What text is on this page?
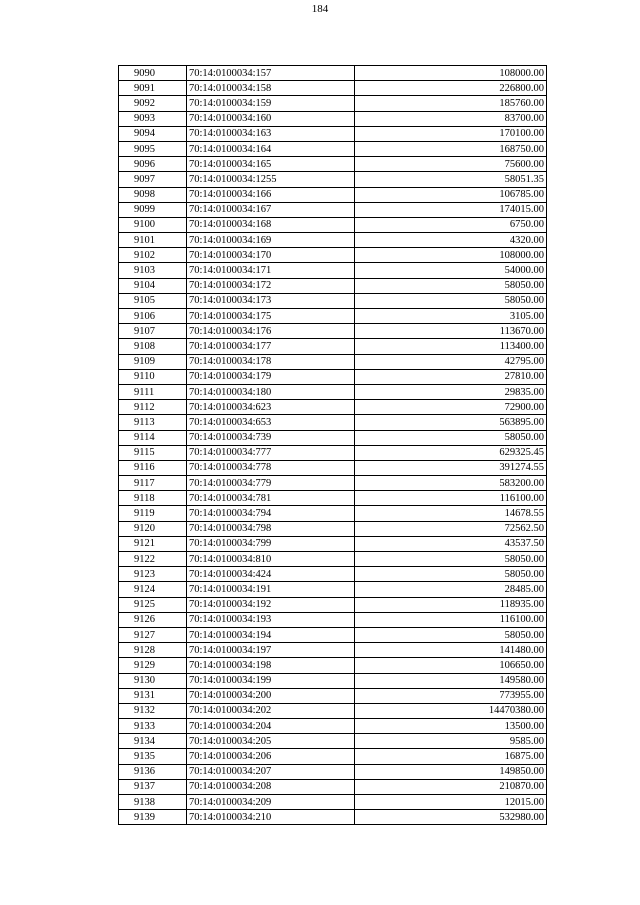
184
9090	70:14:0100034:157	108000.00
9091	70:14:0100034:158	226800.00
9092	70:14:0100034:159	185760.00
9093	70:14:0100034:160	83700.00
9094	70:14:0100034:163	170100.00
9095	70:14:0100034:164	168750.00
9096	70:14:0100034:165	75600.00
9097	70:14:0100034:1255	58051.35
9098	70:14:0100034:166	106785.00
9099	70:14:0100034:167	174015.00
9100	70:14:0100034:168	6750.00
9101	70:14:0100034:169	4320.00
9102	70:14:0100034:170	108000.00
9103	70:14:0100034:171	54000.00
9104	70:14:0100034:172	58050.00
9105	70:14:0100034:173	58050.00
9106	70:14:0100034:175	3105.00
9107	70:14:0100034:176	113670.00
9108	70:14:0100034:177	113400.00
9109	70:14:0100034:178	42795.00
9110	70:14:0100034:179	27810.00
9111	70:14:0100034:180	29835.00
9112	70:14:0100034:623	72900.00
9113	70:14:0100034:653	563895.00
9114	70:14:0100034:739	58050.00
9115	70:14:0100034:777	629325.45
9116	70:14:0100034:778	391274.55
9117	70:14:0100034:779	583200.00
9118	70:14:0100034:781	116100.00
9119	70:14:0100034:794	14678.55
9120	70:14:0100034:798	72562.50
9121	70:14:0100034:799	43537.50
9122	70:14:0100034:810	58050.00
9123	70:14:0100034:424	58050.00
9124	70:14:0100034:191	28485.00
9125	70:14:0100034:192	118935.00
9126	70:14:0100034:193	116100.00
9127	70:14:0100034:194	58050.00
9128	70:14:0100034:197	141480.00
9129	70:14:0100034:198	106650.00
9130	70:14:0100034:199	149580.00
9131	70:14:0100034:200	773955.00
9132	70:14:0100034:202	14470380.00
9133	70:14:0100034:204	13500.00
9134	70:14:0100034:205	9585.00
9135	70:14:0100034:206	16875.00
9136	70:14:0100034:207	149850.00
9137	70:14:0100034:208	210870.00
9138	70:14:0100034:209	12015.00
9139	70:14:0100034:210	532980.00
